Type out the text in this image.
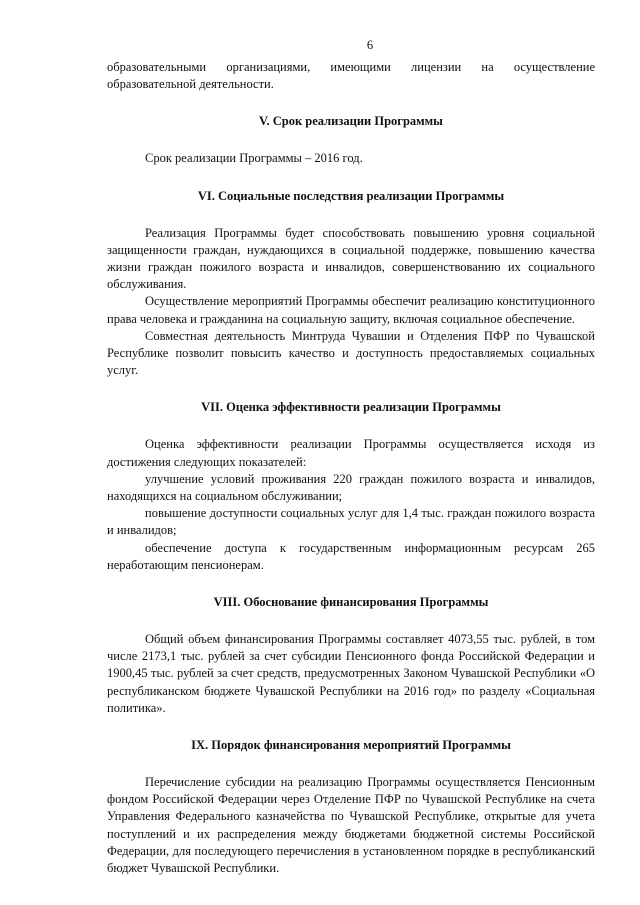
6

образовательными организациями, имеющими лицензии на осуществление образовательной деятельности.

V. Срок реализации Программы

Срок реализации Программы – 2016 год.

VI. Социальные последствия реализации Программы

Реализация Программы будет способствовать повышению уровня социальной защищенности граждан, нуждающихся в социальной поддержке, повышению качества жизни граждан пожилого возраста и инвалидов, совершенствованию их социального обслуживания.

Осуществление мероприятий Программы обеспечит реализацию конституционного права человека и гражданина на социальную защиту, включая социальное обеспечение.

Совместная деятельность Минтруда Чувашии и Отделения ПФР по Чувашской Республике позволит повысить качество и доступность предоставляемых социальных услуг.

VII. Оценка эффективности реализации Программы

Оценка эффективности реализации Программы осуществляется исходя из достижения следующих показателей:

улучшение условий проживания 220 граждан пожилого возраста и инвалидов, находящихся на социальном обслуживании;

повышение доступности социальных услуг для 1,4 тыс. граждан пожилого возраста и инвалидов;

обеспечение доступа к государственным информационным ресурсам 265 неработающим пенсионерам.

VIII. Обоснование финансирования Программы

Общий объем финансирования Программы составляет 4073,55 тыс. рублей, в том числе 2173,1 тыс. рублей за счет субсидии Пенсионного фонда Российской Федерации и 1900,45 тыс. рублей за счет средств, предусмотренных Законом Чувашской Республики «О республиканском бюджете Чувашской Республики на 2016 год» по разделу «Социальная политика».

IX. Порядок финансирования мероприятий Программы

Перечисление субсидии на реализацию Программы осуществляется Пенсионным фондом Российской Федерации через Отделение ПФР по Чувашской Республике на счета Управления Федерального казначейства по Чувашской Республике, открытые для учета поступлений и их распределения между бюджетами бюджетной системы Российской Федерации, для последующего перечисления в установленном порядке в республиканский бюджет Чувашской Республики.
